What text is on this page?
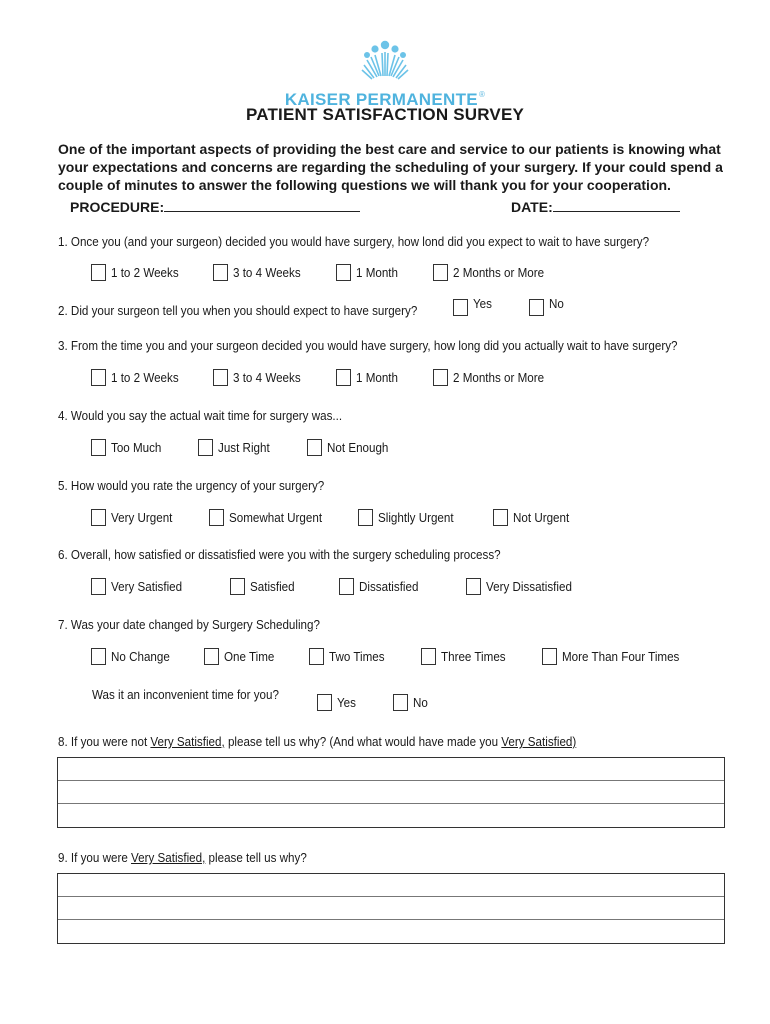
KAISER PERMANENTE®
PATIENT SATISFACTION SURVEY
One of the important aspects of providing the best care and service to our patients is knowing what your expectations and concerns are regarding the scheduling of your surgery. If your could spend a couple of minutes to answer the following questions we will thank you for your cooperation.
PROCEDURE:	DATE:
1. Once you (and your surgeon) decided you would have surgery, how lond did you expect to wait to have surgery?
1 to 2 Weeks	3 to 4 Weeks	1 Month	2 Months or More
2. Did your surgeon tell you when you should expect to have surgery?
Yes	No
3. From the time you and your surgeon decided you would have surgery, how long did you actually wait to have surgery?
1 to 2 Weeks	3 to 4 Weeks	1 Month	2 Months or More
4. Would you say the actual wait time for surgery was...
Too Much	Just Right	Not Enough
5. How would you rate the urgency of your surgery?
Very Urgent	Somewhat Urgent	Slightly Urgent	Not Urgent
6. Overall, how satisfied or dissatisfied were you with the surgery scheduling process?
Very Satisfied	Satisfied	Dissatisfied	Very Dissatisfied
7. Was your date changed by Surgery Scheduling?
No Change	One Time	Two Times	Three Times	More Than Four Times
Was it an inconvenient time for you?
Yes	No
8. If you were not Very Satisfied, please tell us why? (And what would have made you Very Satisfied)
9. If you were Very Satisfied, please tell us why?
